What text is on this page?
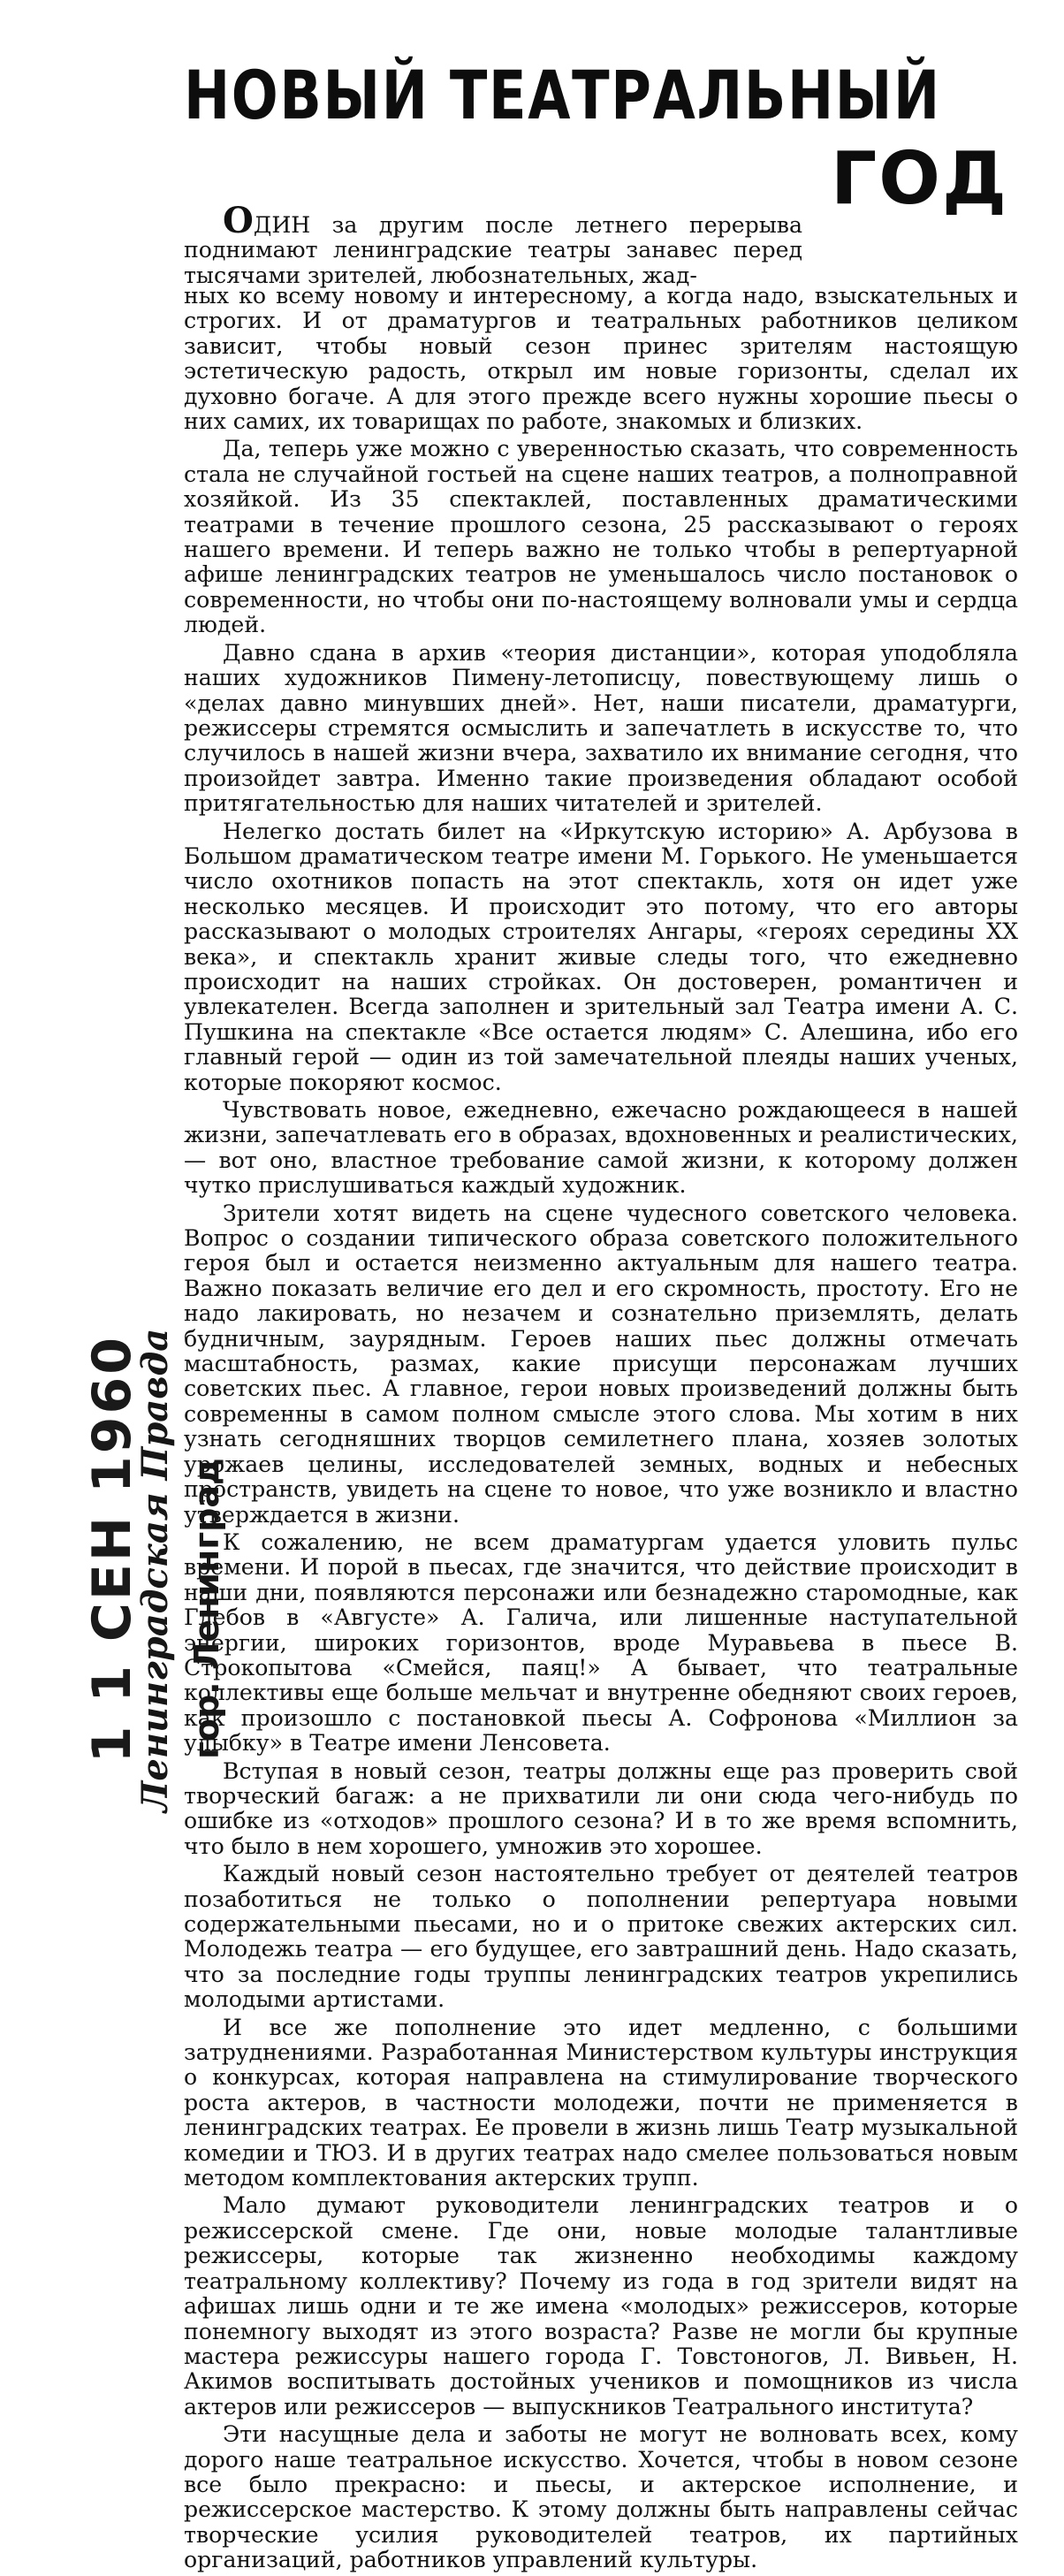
НОВЫЙ ТЕАТРАЛЬНЫЙ
ГОД
ОДИН за другим после летнего перерыва поднимают ленинградские театры занавес перед тысячами зрителей, любознательных, жад-

ных ко всему новому и интересному, а когда надо, взыскательных и строгих. И от драматургов и театральных работников целиком зависит, чтобы новый сезон принес зрителям настоящую эстетическую радость, открыл им новые горизонты, сделал их духовно богаче. А для этого прежде всего нужны хорошие пьесы о них самих, их товарищах по работе, знакомых и близких.

Да, теперь уже можно с уверенностью сказать, что современность стала не случайной гостьей на сцене наших театров, а полноправной хозяйкой. Из 35 спектаклей, поставленных драматическими театрами в течение прошлого сезона, 25 рассказывают о героях нашего времени. И теперь важно не только чтобы в репертуарной афише ленинградских театров не уменьшалось число постановок о современности, но чтобы они по-настоящему волновали умы и сердца людей.

Давно сдана в архив «теория дистанции», которая уподобляла наших художников Пимену-летописцу, повествующему лишь о «делах давно минувших дней». Нет, наши писатели, драматурги, режиссеры стремятся осмыслить и запечатлеть в искусстве то, что случилось в нашей жизни вчера, захватило их внимание сегодня, что произойдет завтра. Именно такие произведения обладают особой притягательностью для наших читателей и зрителей.

Нелегко достать билет на «Иркутскую историю» А. Арбузова в Большом драматическом театре имени М. Горького. Не уменьшается число охотников попасть на этот спектакль, хотя он идет уже несколько месяцев. И происходит это потому, что его авторы рассказывают о молодых строителях Ангары, «героях середины XX века», и спектакль хранит живые следы того, что ежедневно происходит на наших стройках. Он достоверен, романтичен и увлекателен. Всегда заполнен и зрительный зал Театра имени А. С. Пушкина на спектакле «Все остается людям» С. Алешина, ибо его главный герой — один из той замечательной плеяды наших ученых, которые покоряют космос.

Чувствовать новое, ежедневно, ежечасно рождающееся в нашей жизни, запечатлевать его в образах, вдохновенных и реалистических, — вот оно, властное требование самой жизни, к которому должен чутко прислушиваться каждый художник.

Зрители хотят видеть на сцене чудесного советского человека. Вопрос о создании типического образа советского положительного героя был и остается неизменно актуальным для нашего театра. Важно показать величие его дел и его скромность, простоту. Его не надо лакировать, но незачем и сознательно приземлять, делать будничным, заурядным. Героев наших пьес должны отмечать масштабность, размах, какие присущи персонажам лучших советских пьес. А главное, герои новых произведений должны быть современны в самом полном смысле этого слова. Мы хотим в них узнать сегодняшних творцов семилетнего плана, хозяев золотых урожаев целины, исследователей земных, водных и небесных пространств, увидеть на сцене то новое, что уже возникло и властно утверждается в жизни.

К сожалению, не всем драматургам удается уловить пульс времени. И порой в пьесах, где значится, что действие происходит в наши дни, появляются персонажи или безнадежно старомодные, как Глебов в «Августе» А. Галича, или лишенные наступательной энергии, широких горизонтов, вроде Муравьева в пьесе В. Строкопытова «Смейся, паяц!» А бывает, что театральные коллективы еще больше мельчат и внутренне обедняют своих героев, как произошло с постановкой пьесы А. Софронова «Миллион за улыбку» в Театре имени Ленсовета.

Вступая в новый сезон, театры должны еще раз проверить свой творческий багаж: а не прихватили ли они сюда чего-нибудь по ошибке из «отходов» прошлого сезона? И в то же время вспомнить, что было в нем хорошего, умножив это хорошее.

Каждый новый сезон настоятельно требует от деятелей театров позаботиться не только о пополнении репертуара новыми содержательными пьесами, но и о притоке свежих актерских сил. Молодежь театра — его будущее, его завтрашний день. Надо сказать, что за последние годы труппы ленинградских театров укрепились молодыми артистами.

И все же пополнение это идет медленно, с большими затруднениями. Разработанная Министерством культуры инструкция о конкурсах, которая направлена на стимулирование творческого роста актеров, в частности молодежи, почти не применяется в ленинградских театрах. Ее провели в жизнь лишь Театр музыкальной комедии и ТЮЗ. И в других театрах надо смелее пользоваться новым методом комплектования актерских трупп.

Мало думают руководители ленинградских театров и о режиссерской смене. Где они, новые молодые талантливые режиссеры, которые так жизненно необходимы каждому театральному коллективу? Почему из года в год зрители видят на афишах лишь одни и те же имена «молодых» режиссеров, которые понемногу выходят из этого возраста? Разве не могли бы крупные мастера режиссуры нашего города Г. Товстоногов, Л. Вивьен, Н. Акимов воспитывать достойных учеников и помощников из числа актеров или режиссеров — выпускников Театрального института?

Эти насущные дела и заботы не могут не волновать всех, кому дорого наше театральное искусство. Хочется, чтобы в новом сезоне все было прекрасно: и пьесы, и актерское исполнение, и режиссерское мастерство. К этому должны быть направлены сейчас творческие усилия руководителей театров, их партийных организаций, работников управлений культуры.

1 1 СЕН 1960
Ленинградская Правда гор. Ленинград
